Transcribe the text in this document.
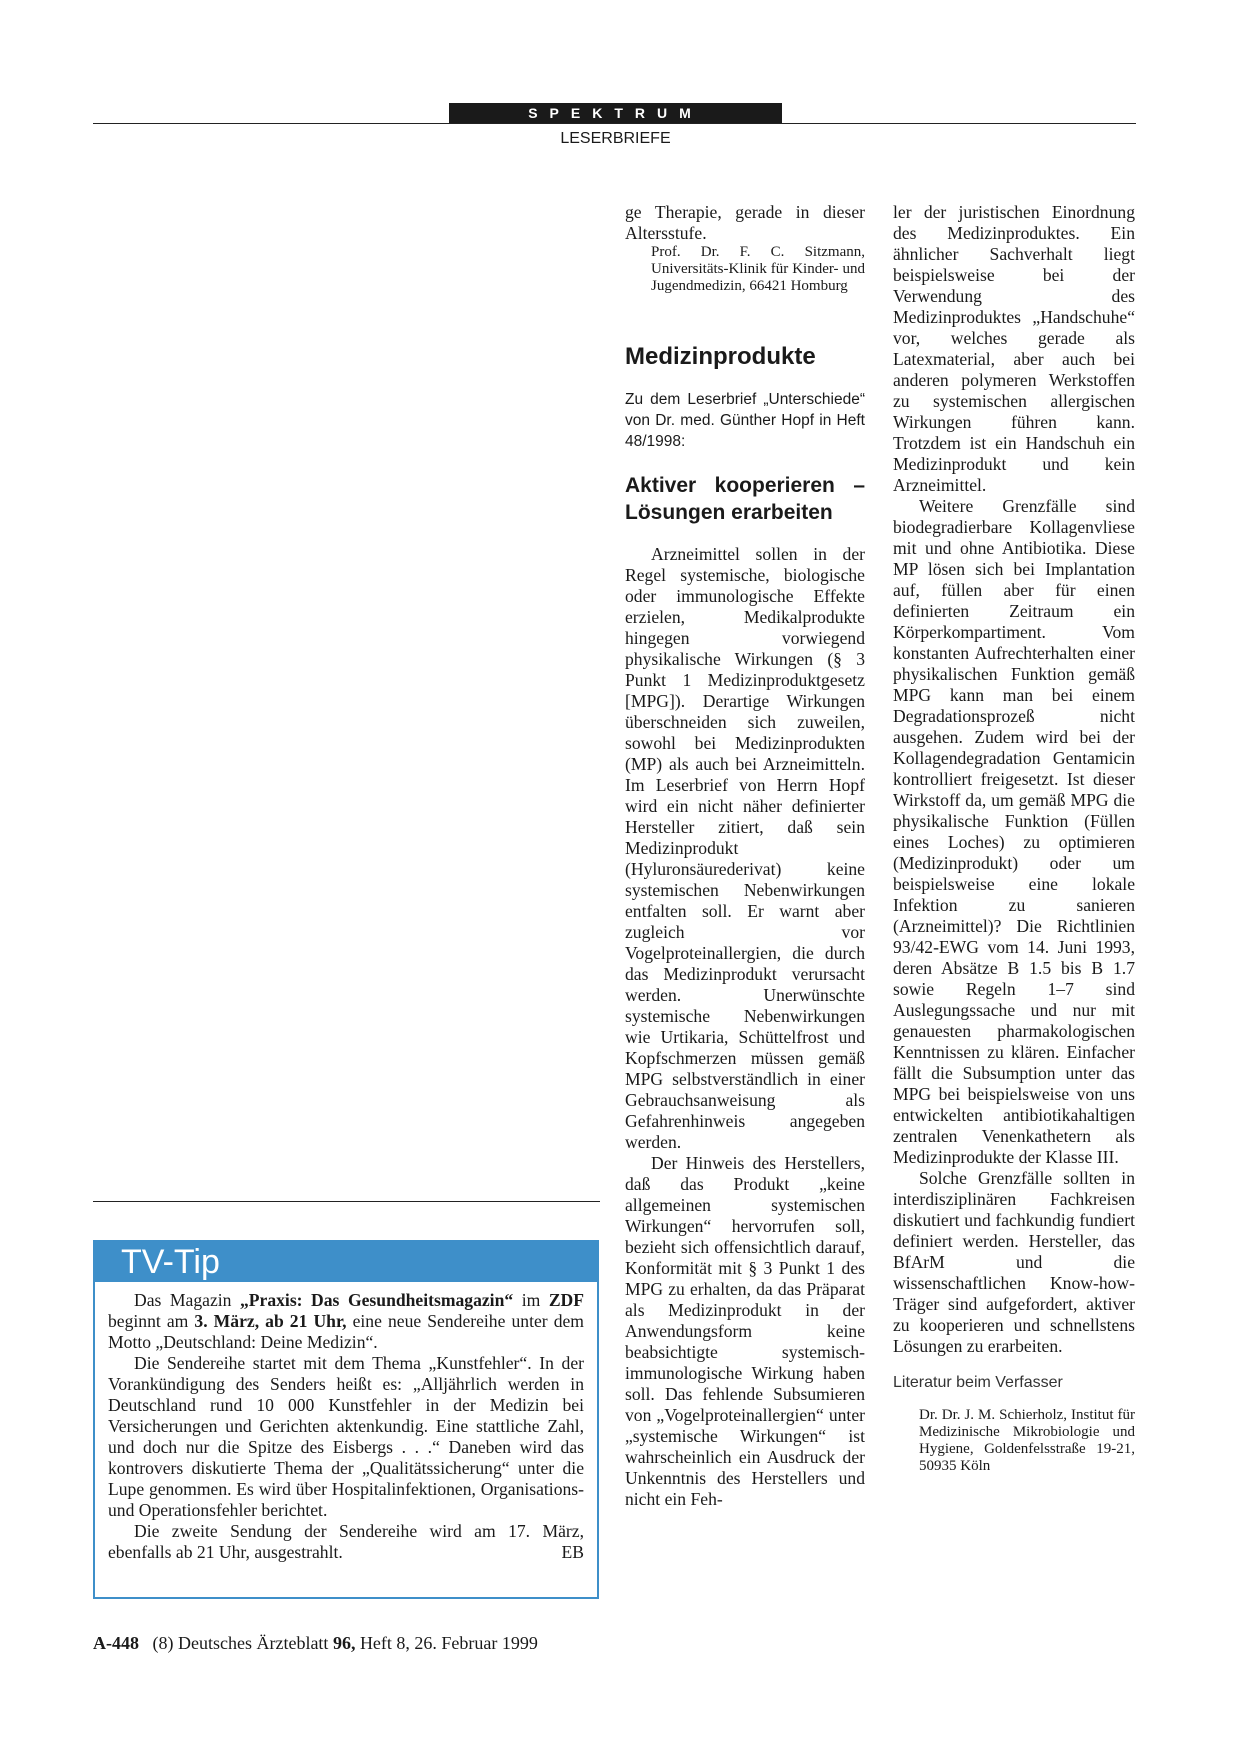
SPEKTRUM
LESERBRIEFE

ge Therapie, gerade in dieser Altersstufe.

Prof. Dr. F. C. Sitzmann, Universitäts-Klinik für Kinder- und Jugendmedizin, 66421 Homburg

Medizinprodukte

Zu dem Leserbrief „Unterschiede“ von Dr. med. Günther Hopf in Heft 48/1998:

Aktiver kooperieren – Lösungen erarbeiten

Arzneimittel sollen in der Regel systemische, biologische oder immunologische Effekte erzielen, Medikalprodukte hingegen vorwiegend physikalische Wirkungen (§ 3 Punkt 1 Medizinproduktgesetz [MPG]). Derartige Wirkungen überschneiden sich zuweilen, sowohl bei Medizinprodukten (MP) als auch bei Arzneimitteln. Im Leserbrief von Herrn Hopf wird ein nicht näher definierter Hersteller zitiert, daß sein Medizinprodukt (Hyluronsäurederivat) keine systemischen Nebenwirkungen entfalten soll. Er warnt aber zugleich vor Vogelproteinallergien, die durch das Medizinprodukt verursacht werden. Unerwünschte systemische Nebenwirkungen wie Urtikaria, Schüttelfrost und Kopfschmerzen müssen gemäß MPG selbstverständlich in einer Gebrauchsanweisung als Gefahrenhinweis angegeben werden.

Der Hinweis des Herstellers, daß das Produkt „keine allgemeinen systemischen Wirkungen“ hervorrufen soll, bezieht sich offensichtlich darauf, Konformität mit § 3 Punkt 1 des MPG zu erhalten, da das Präparat als Medizinprodukt in der Anwendungsform keine beabsichtigte systemisch-immunologische Wirkung haben soll. Das fehlende Subsumieren von „Vogelproteinallergien“ unter „systemische Wirkungen“ ist wahrscheinlich ein Ausdruck der Unkenntnis des Herstellers und nicht ein Feh-

ler der juristischen Einordnung des Medizinproduktes. Ein ähnlicher Sachverhalt liegt beispielsweise bei der Verwendung des Medizinproduktes „Handschuhe“ vor, welches gerade als Latexmaterial, aber auch bei anderen polymeren Werkstoffen zu systemischen allergischen Wirkungen führen kann. Trotzdem ist ein Handschuh ein Medizinprodukt und kein Arzneimittel.

Weitere Grenzfälle sind biodegradierbare Kollagenvliese mit und ohne Antibiotika. Diese MP lösen sich bei Implantation auf, füllen aber für einen definierten Zeitraum ein Körperkompartiment. Vom konstanten Aufrechterhalten einer physikalischen Funktion gemäß MPG kann man bei einem Degradationsprozeß nicht ausgehen. Zudem wird bei der Kollagendegradation Gentamicin kontrolliert freigesetzt. Ist dieser Wirkstoff da, um gemäß MPG die physikalische Funktion (Füllen eines Loches) zu optimieren (Medizinprodukt) oder um beispielsweise eine lokale Infektion zu sanieren (Arzneimittel)? Die Richtlinien 93/42-EWG vom 14. Juni 1993, deren Absätze B 1.5 bis B 1.7 sowie Regeln 1–7 sind Auslegungssache und nur mit genauesten pharmakologischen Kenntnissen zu klären. Einfacher fällt die Subsumption unter das MPG bei beispielsweise von uns entwickelten antibiotikahaltigen zentralen Venenkathetern als Medizinprodukte der Klasse III.

Solche Grenzfälle sollten in interdisziplinären Fachkreisen diskutiert und fachkundig fundiert definiert werden. Hersteller, das BfArM und die wissenschaftlichen Know-how-Träger sind aufgefordert, aktiver zu kooperieren und schnellstens Lösungen zu erarbeiten.

Literatur beim Verfasser

Dr. Dr. J. M. Schierholz, Institut für Medizinische Mikrobiologie und Hygiene, Goldenfelsstraße 19-21, 50935 Köln

TV-Tip

Das Magazin „Praxis: Das Gesundheitsmagazin“ im ZDF beginnt am 3. März, ab 21 Uhr, eine neue Sendereihe unter dem Motto „Deutschland: Deine Medizin“.

Die Sendereihe startet mit dem Thema „Kunstfehler“. In der Vorankündigung des Senders heißt es: „Alljährlich werden in Deutschland rund 10 000 Kunstfehler in der Medizin bei Versicherungen und Gerichten aktenkundig. Eine stattliche Zahl, und doch nur die Spitze des Eisbergs . . .“ Daneben wird das kontrovers diskutierte Thema der „Qualitätssicherung“ unter die Lupe genommen. Es wird über Hospitalinfektionen, Organisations- und Operationsfehler berichtet.

Die zweite Sendung der Sendereihe wird am 17. März, ebenfalls ab 21 Uhr, ausgestrahlt.	EB

A-448 (8) Deutsches Ärzteblatt 96, Heft 8, 26. Februar 1999
